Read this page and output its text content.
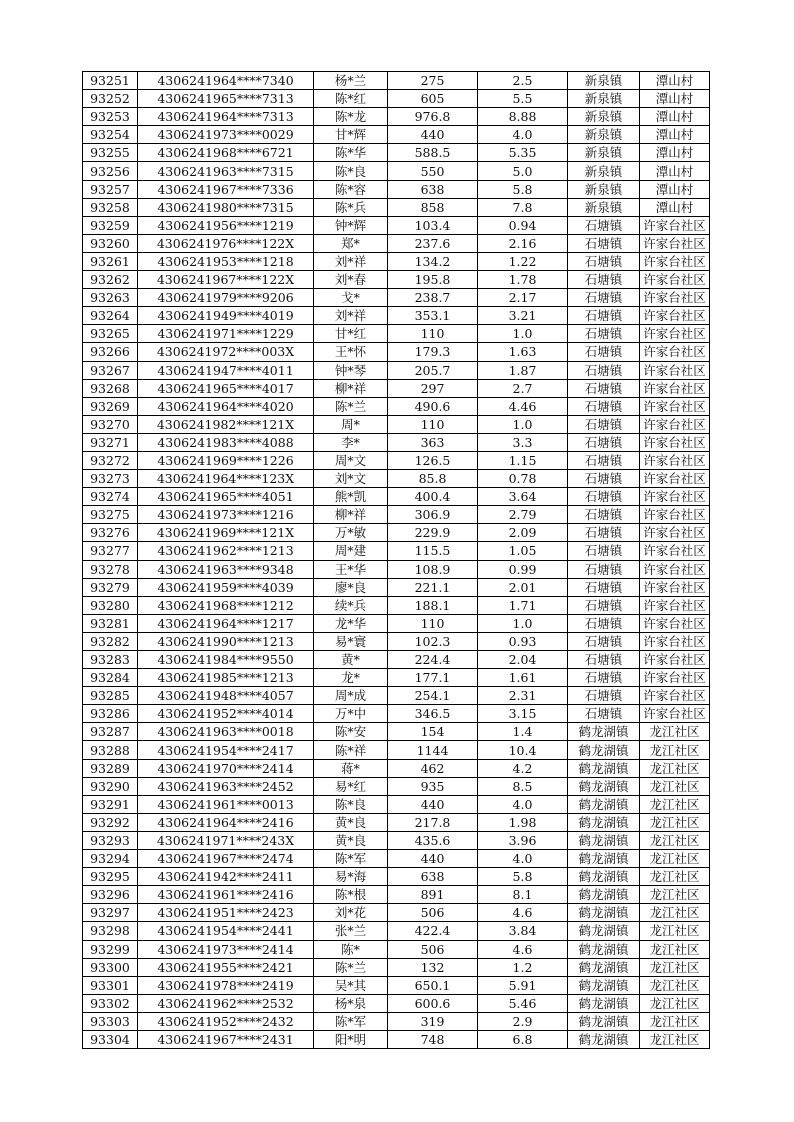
93251	4306241964****7340	杨*兰	275	2.5	新泉镇	潭山村
93252	4306241965****7313	陈*红	605	5.5	新泉镇	潭山村
93253	4306241964****7313	陈*龙	976.8	8.88	新泉镇	潭山村
93254	4306241973****0029	甘*辉	440	4.0	新泉镇	潭山村
93255	4306241968****6721	陈*华	588.5	5.35	新泉镇	潭山村
93256	4306241963****7315	陈*良	550	5.0	新泉镇	潭山村
93257	4306241967****7336	陈*容	638	5.8	新泉镇	潭山村
93258	4306241980****7315	陈*兵	858	7.8	新泉镇	潭山村
93259	4306241956****1219	钟*辉	103.4	0.94	石塘镇	许家台社区
93260	4306241976****122X	郑*	237.6	2.16	石塘镇	许家台社区
93261	4306241953****1218	刘*祥	134.2	1.22	石塘镇	许家台社区
93262	4306241967****122X	刘*春	195.8	1.78	石塘镇	许家台社区
93263	4306241979****9206	戈*	238.7	2.17	石塘镇	许家台社区
93264	4306241949****4019	刘*祥	353.1	3.21	石塘镇	许家台社区
93265	4306241971****1229	甘*红	110	1.0	石塘镇	许家台社区
93266	4306241972****003X	王*怀	179.3	1.63	石塘镇	许家台社区
93267	4306241947****4011	钟*琴	205.7	1.87	石塘镇	许家台社区
93268	4306241965****4017	柳*祥	297	2.7	石塘镇	许家台社区
93269	4306241964****4020	陈*兰	490.6	4.46	石塘镇	许家台社区
93270	4306241982****121X	周*	110	1.0	石塘镇	许家台社区
93271	4306241983****4088	李*	363	3.3	石塘镇	许家台社区
93272	4306241969****1226	周*文	126.5	1.15	石塘镇	许家台社区
93273	4306241964****123X	刘*文	85.8	0.78	石塘镇	许家台社区
93274	4306241965****4051	熊*凯	400.4	3.64	石塘镇	许家台社区
93275	4306241973****1216	柳*祥	306.9	2.79	石塘镇	许家台社区
93276	4306241969****121X	万*敏	229.9	2.09	石塘镇	许家台社区
93277	4306241962****1213	周*建	115.5	1.05	石塘镇	许家台社区
93278	4306241963****9348	王*华	108.9	0.99	石塘镇	许家台社区
93279	4306241959****4039	廖*良	221.1	2.01	石塘镇	许家台社区
93280	4306241968****1212	续*兵	188.1	1.71	石塘镇	许家台社区
93281	4306241964****1217	龙*华	110	1.0	石塘镇	许家台社区
93282	4306241990****1213	易*寰	102.3	0.93	石塘镇	许家台社区
93283	4306241984****9550	黄*	224.4	2.04	石塘镇	许家台社区
93284	4306241985****1213	龙*	177.1	1.61	石塘镇	许家台社区
93285	4306241948****4057	周*成	254.1	2.31	石塘镇	许家台社区
93286	4306241952****4014	万*中	346.5	3.15	石塘镇	许家台社区
93287	4306241963****0018	陈*安	154	1.4	鹤龙湖镇	龙江社区
93288	4306241954****2417	陈*祥	1144	10.4	鹤龙湖镇	龙江社区
93289	4306241970****2414	蒋*	462	4.2	鹤龙湖镇	龙江社区
93290	4306241963****2452	易*红	935	8.5	鹤龙湖镇	龙江社区
93291	4306241961****0013	陈*良	440	4.0	鹤龙湖镇	龙江社区
93292	4306241964****2416	黄*良	217.8	1.98	鹤龙湖镇	龙江社区
93293	4306241971****243X	黄*良	435.6	3.96	鹤龙湖镇	龙江社区
93294	4306241967****2474	陈*军	440	4.0	鹤龙湖镇	龙江社区
93295	4306241942****2411	易*海	638	5.8	鹤龙湖镇	龙江社区
93296	4306241961****2416	陈*根	891	8.1	鹤龙湖镇	龙江社区
93297	4306241951****2423	刘*花	506	4.6	鹤龙湖镇	龙江社区
93298	4306241954****2441	张*兰	422.4	3.84	鹤龙湖镇	龙江社区
93299	4306241973****2414	陈*	506	4.6	鹤龙湖镇	龙江社区
93300	4306241955****2421	陈*兰	132	1.2	鹤龙湖镇	龙江社区
93301	4306241978****2419	吴*其	650.1	5.91	鹤龙湖镇	龙江社区
93302	4306241962****2532	杨*泉	600.6	5.46	鹤龙湖镇	龙江社区
93303	4306241952****2432	陈*军	319	2.9	鹤龙湖镇	龙江社区
93304	4306241967****2431	阳*明	748	6.8	鹤龙湖镇	龙江社区
